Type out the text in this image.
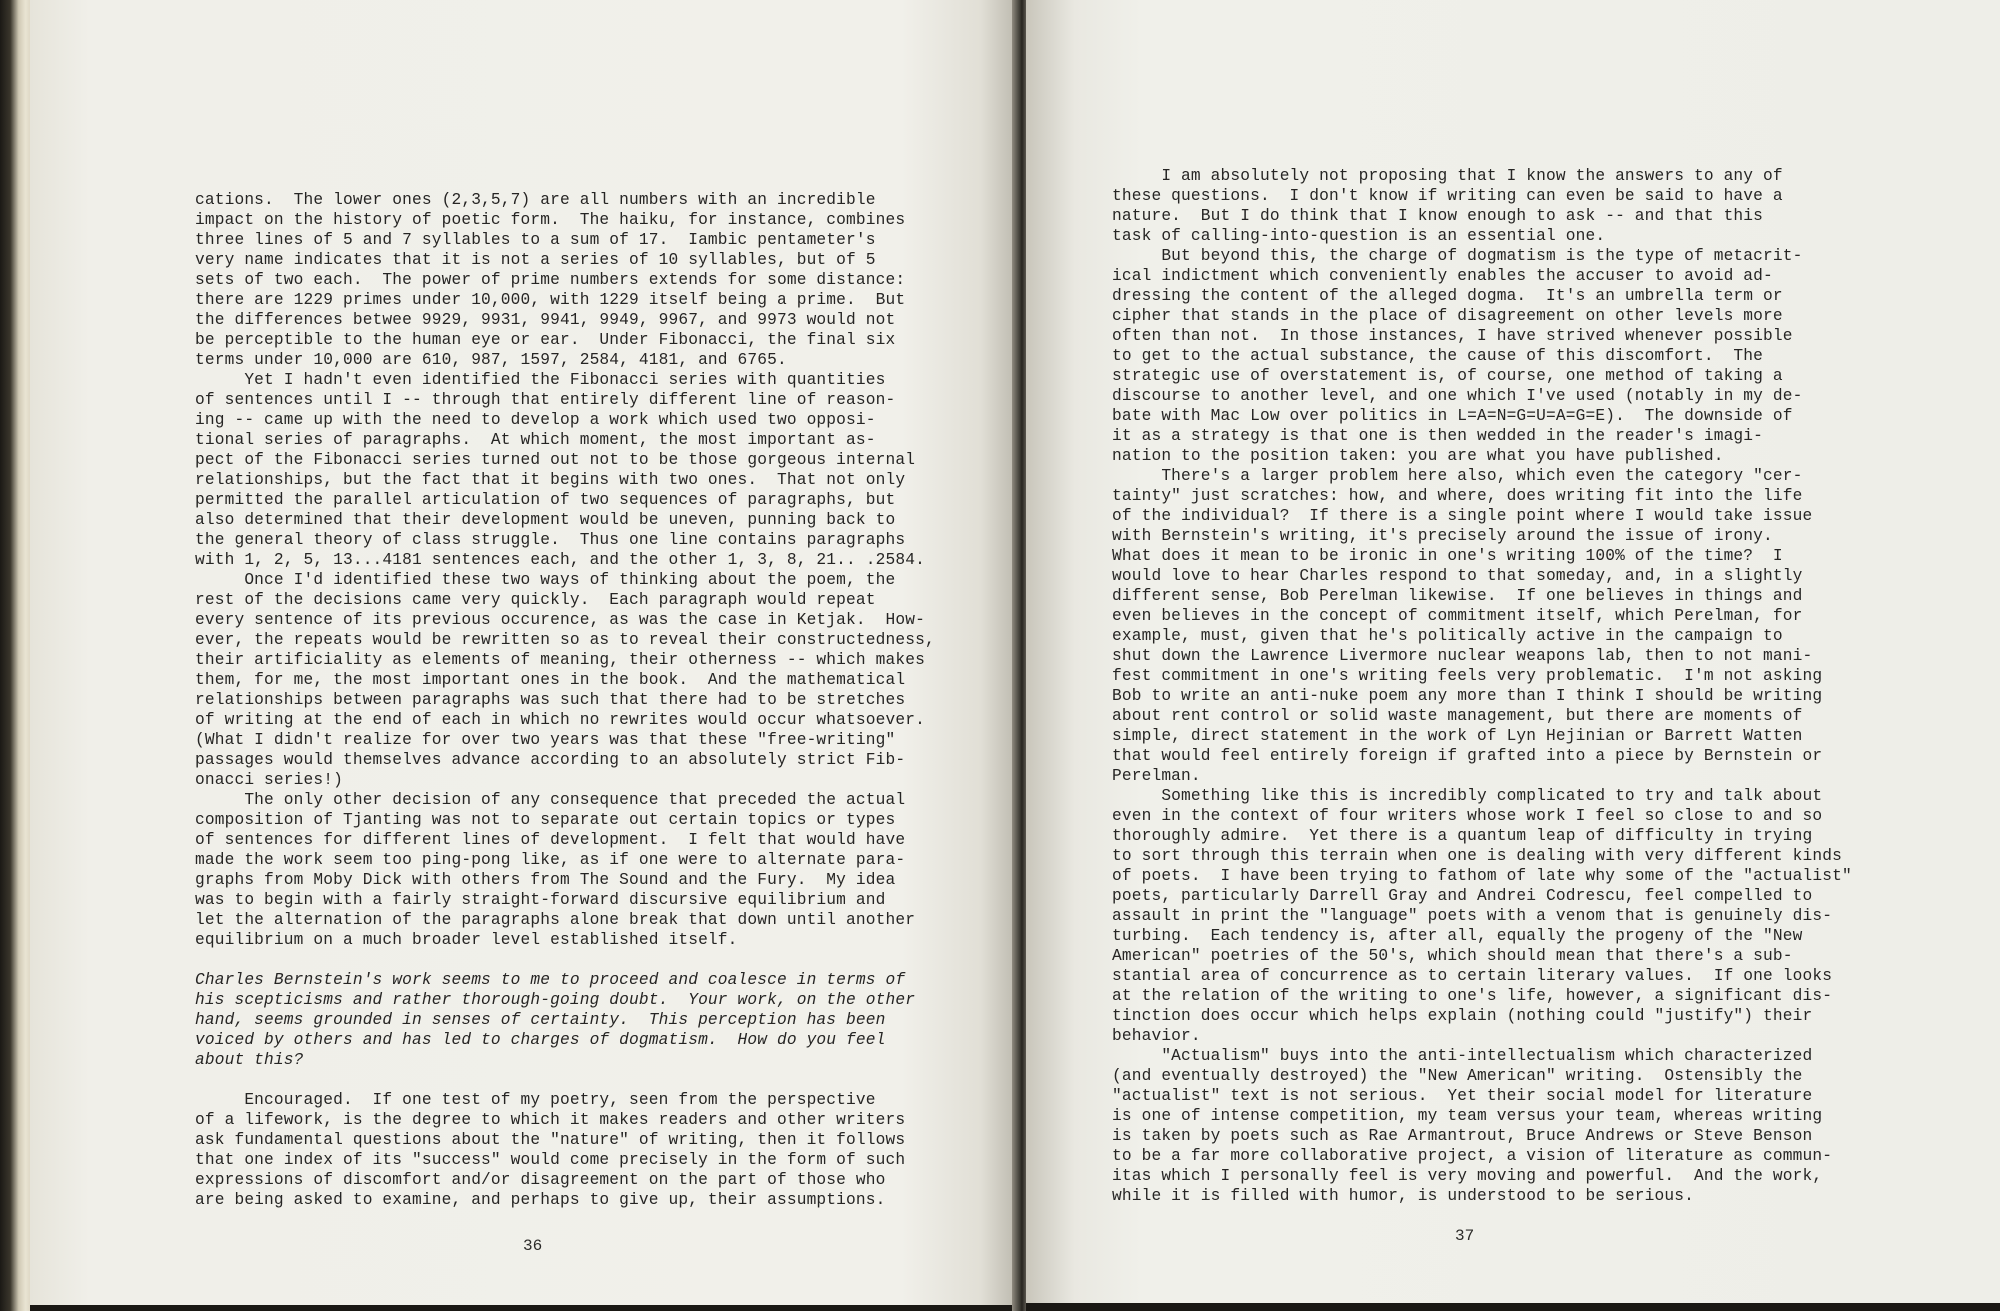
cations.  The lower ones (2,3,5,7) are all numbers with an incredible

impact on the history of poetic form.  The haiku, for instance, combines

three lines of 5 and 7 syllables to a sum of 17.  Iambic pentameter's

very name indicates that it is not a series of 10 syllables, but of 5

sets of two each.  The power of prime numbers extends for some distance:

there are 1229 primes under 10,000, with 1229 itself being a prime.  But

the differences betwee 9929, 9931, 9941, 9949, 9967, and 9973 would not

be perceptible to the human eye or ear.  Under Fibonacci, the final six

terms under 10,000 are 610, 987, 1597, 2584, 4181, and 6765.

Yet I hadn't even identified the Fibonacci series with quantities

of sentences until I -- through that entirely different line of reason-

ing -- came up with the need to develop a work which used two opposi-

tional series of paragraphs.  At which moment, the most important as-

pect of the Fibonacci series turned out not to be those gorgeous internal

relationships, but the fact that it begins with two ones.  That not only

permitted the parallel articulation of two sequences of paragraphs, but

also determined that their development would be uneven, punning back to

the general theory of class struggle.  Thus one line contains paragraphs

with 1, 2, 5, 13...4181 sentences each, and the other 1, 3, 8, 21.. .2584.

Once I'd identified these two ways of thinking about the poem, the

rest of the decisions came very quickly.  Each paragraph would repeat

every sentence of its previous occurence, as was the case in Ketjak.  How-

ever, the repeats would be rewritten so as to reveal their constructedness,

their artificiality as elements of meaning, their otherness -- which makes

them, for me, the most important ones in the book.  And the mathematical

relationships between paragraphs was such that there had to be stretches

of writing at the end of each in which no rewrites would occur whatsoever.

(What I didn't realize for over two years was that these "free-writing"

passages would themselves advance according to an absolutely strict Fib-

onacci series!)

The only other decision of any consequence that preceded the actual

composition of Tjanting was not to separate out certain topics or types

of sentences for different lines of development.  I felt that would have

made the work seem too ping-pong like, as if one were to alternate para-

graphs from Moby Dick with others from The Sound and the Fury.  My idea

was to begin with a fairly straight-forward discursive equilibrium and

let the alternation of the paragraphs alone break that down until another

equilibrium on a much broader level established itself.

Charles Bernstein's work seems to me to proceed and coalesce in terms of

his scepticisms and rather thorough-going doubt.  Your work, on the other

hand, seems grounded in senses of certainty.  This perception has been

voiced by others and has led to charges of dogmatism.  How do you feel

about this?

Encouraged.  If one test of my poetry, seen from the perspective

of a lifework, is the degree to which it makes readers and other writers

ask fundamental questions about the "nature" of writing, then it follows

that one index of its "success" would come precisely in the form of such

expressions of discomfort and/or disagreement on the part of those who

are being asked to examine, and perhaps to give up, their assumptions.

36

I am absolutely not proposing that I know the answers to any of

these questions.  I don't know if writing can even be said to have a

nature.  But I do think that I know enough to ask -- and that this

task of calling-into-question is an essential one.

But beyond this, the charge of dogmatism is the type of metacrit-

ical indictment which conveniently enables the accuser to avoid ad-

dressing the content of the alleged dogma.  It's an umbrella term or

cipher that stands in the place of disagreement on other levels more

often than not.  In those instances, I have strived whenever possible

to get to the actual substance, the cause of this discomfort.  The

strategic use of overstatement is, of course, one method of taking a

discourse to another level, and one which I've used (notably in my de-

bate with Mac Low over politics in L=A=N=G=U=A=G=E).  The downside of

it as a strategy is that one is then wedded in the reader's imagi-

nation to the position taken: you are what you have published.

There's a larger problem here also, which even the category "cer-

tainty" just scratches: how, and where, does writing fit into the life

of the individual?  If there is a single point where I would take issue

with Bernstein's writing, it's precisely around the issue of irony.

What does it mean to be ironic in one's writing 100% of the time?  I

would love to hear Charles respond to that someday, and, in a slightly

different sense, Bob Perelman likewise.  If one believes in things and

even believes in the concept of commitment itself, which Perelman, for

example, must, given that he's politically active in the campaign to

shut down the Lawrence Livermore nuclear weapons lab, then to not mani-

fest commitment in one's writing feels very problematic.  I'm not asking

Bob to write an anti-nuke poem any more than I think I should be writing

about rent control or solid waste management, but there are moments of

simple, direct statement in the work of Lyn Hejinian or Barrett Watten

that would feel entirely foreign if grafted into a piece by Bernstein or

Perelman.

Something like this is incredibly complicated to try and talk about

even in the context of four writers whose work I feel so close to and so

thoroughly admire.  Yet there is a quantum leap of difficulty in trying

to sort through this terrain when one is dealing with very different kinds

of poets.  I have been trying to fathom of late why some of the "actualist"

poets, particularly Darrell Gray and Andrei Codrescu, feel compelled to

assault in print the "language" poets with a venom that is genuinely dis-

turbing.  Each tendency is, after all, equally the progeny of the "New

American" poetries of the 50's, which should mean that there's a sub-

stantial area of concurrence as to certain literary values.  If one looks

at the relation of the writing to one's life, however, a significant dis-

tinction does occur which helps explain (nothing could "justify") their

behavior.

"Actualism" buys into the anti-intellectualism which characterized

(and eventually destroyed) the "New American" writing.  Ostensibly the

"actualist" text is not serious.  Yet their social model for literature

is one of intense competition, my team versus your team, whereas writing

is taken by poets such as Rae Armantrout, Bruce Andrews or Steve Benson

to be a far more collaborative project, a vision of literature as commun-

itas which I personally feel is very moving and powerful.  And the work,

while it is filled with humor, is understood to be serious.

37
